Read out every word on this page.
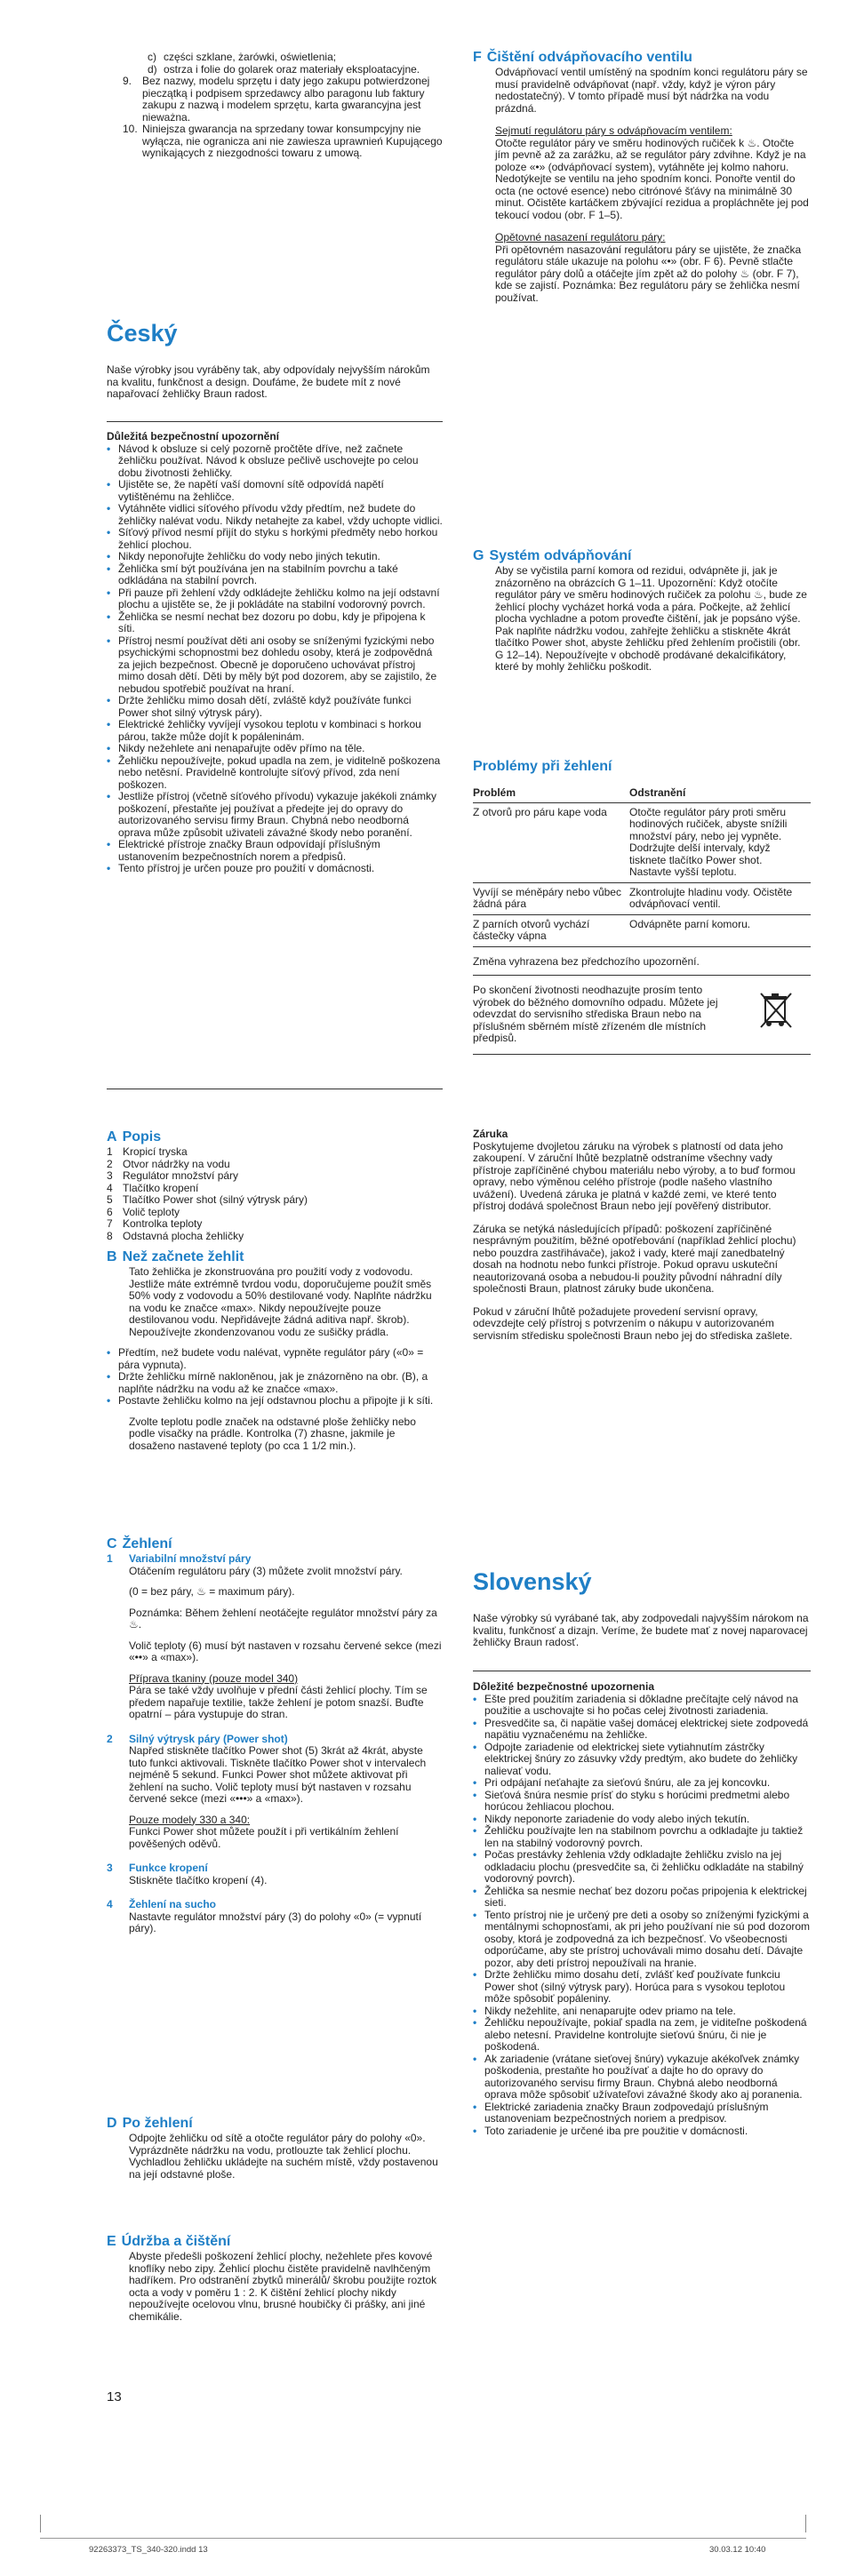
c) części szklane, żarówki, oświetlenia;
d) ostrza i folie do golarek oraz materiały eksploatacyjne.
9. Bez nazwy, modelu sprzętu i daty jego zakupu potwierdzonej pieczątką i podpisem sprzedawcy albo paragonu lub faktury zakupu z nazwą i modelem sprzętu, karta gwarancyjna jest nieważna.
10. Niniejsza gwarancja na sprzedany towar konsumpcyjny nie wyłącza, nie ogranicza ani nie zawiesza uprawnień Kupującego wynikających z niezgodności towaru z umową.
Český

Naše výrobky jsou vyráběny tak, aby odpovídaly nejvyšším nárokům na kvalitu, funkčnost a design. Doufáme, že budete mít z nové napařovací žehličky Braun radost.

Důležitá bezpečnostní upozornění

• Návod k obsluze si celý pozorně pročtěte dříve, než začnete žehličku používat. Návod k obsluze pečlivě uschovejte po celou dobu životnosti žehličky.
• Ujistěte se, že napětí vaší domovní sítě odpovídá napětí vytištěnému na žehličce.
• Vytáhněte vidlici síťového přívodu vždy předtím, než budete do žehličky nalévat vodu. Nikdy netahejte za kabel, vždy uchopte vidlici.
• Síťový přívod nesmí přijít do styku s horkými předměty nebo horkou žehlicí plochou.
• Nikdy neponořujte žehličku do vody nebo jiných tekutin.
• Žehlička smí být používána jen na stabilním povrchu a také odkládána na stabilní povrch.
• Při pauze při žehlení vždy odkládejte žehličku kolmo na její odstavní plochu a ujistěte se, že ji pokládáte na stabilní vodorovný povrch.
• Žehlička se nesmí nechat bez dozoru po dobu, kdy je připojena k síti.
• Přístroj nesmí používat děti ani osoby se sníženými fyzickými nebo psychickými schopnostmi bez dohledu osoby, která je zodpovědná za jejich bezpečnost. Obecně je doporučeno uchovávat přístroj mimo dosah dětí. Děti by měly být pod dozorem, aby se zajistilo, že nebudou spotřebič používat na hraní.
• Držte žehličku mimo dosah dětí, zvláště když používáte funkci Power shot silný výtrysk páry).
• Elektrické žehličky vyvíjejí vysokou teplotu v kombinaci s horkou párou, takže může dojít k popáleninám.
• Nikdy nežehlete ani nenapařujte oděv přímo na těle.
• Žehličku nepoužívejte, pokud upadla na zem, je viditelně poškozena nebo netěsní. Pravidelně kontrolujte síťový přívod, zda není poškozen.
• Jestliže přístroj (včetně síťového přívodu) vykazuje jakékoli známky poškození, přestaňte jej používat a předejte jej do opravy do autorizovaného servisu firmy Braun. Chybná nebo neodborná oprava může způsobit uživateli závažné škody nebo poranění.
• Elektrické přístroje značky Braun odpovídají příslušným ustanovením bezpečnostních norem a předpisů.
• Tento přístroj je určen pouze pro použití v domácnosti.
A Popis
1 Kropicí tryska
2 Otvor nádržky na vodu
3 Regulátor množství páry
4 Tlačítko kropení
5 Tlačítko Power shot (silný výtrysk páry)
6 Volič teploty
7 Kontrolka teploty
8 Odstavná plocha žehličky
B Než začnete žehlit

Tato žehlička je zkonstruována pro použití vody z vodovodu. Jestliže máte extrémně tvrdou vodu, doporučujeme použít směs 50% vody z vodovodu a 50% destilované vody. Naplňte nádržku na vodu ke značce «max». Nikdy nepoužívejte pouze destilovanou vodu. Nepřidávejte žádná aditiva např. škrob). Nepoužívejte zkondenzovanou vodu ze sušičky prádla.

• Předtím, než budete vodu nalévat, vypněte regulátor páry («0» = pára vypnuta).
• Držte žehličku mírně nakloněnou, jak je znázorněno na obr. (B), a naplňte nádržku na vodu až ke značce «max».
• Postavte žehličku kolmo na její odstavnou plochu a připojte ji k síti.

Zvolte teplotu podle značek na odstavné ploše žehličky nebo podle visačky na prádle. Kontrolka (7) zhasne, jakmile je dosaženo nastavené teploty (po cca 1 1/2 min.).

C Žehlení

1 Variabilní množství páry

Otáčením regulátoru páry (3) můžete zvolit množství páry.

(0 = bez páry, ♨ = maximum páry).

Poznámka: Během žehlení neotáčejte regulátor množství páry za ♨.

Volič teploty (6) musí být nastaven v rozsahu červené sekce (mezi «••» a «max»).

Příprava tkaniny (pouze model 340)

Pára se také vždy uvolňuje v přední části žehlicí plochy. Tím se předem napařuje textilie, takže žehlení je potom snazší. Buďte opatrní – pára vystupuje do stran.

2 Silný výtrysk páry (Power shot)

Napřed stiskněte tlačítko Power shot (5) 3krát až 4krát, abyste tuto funkci aktivovali. Tiskněte tlačítko Power shot v intervalech nejméně 5 sekund. Funkci Power shot můžete aktivovat při žehlení na sucho. Volič teploty musí být nastaven v rozsahu červené sekce (mezi «•••» a «max»).

Pouze modely 330 a 340:

Funkci Power shot můžete použít i při vertikálním žehlení pověšených oděvů.

3 Funkce kropení

Stiskněte tlačítko kropení (4).

4 Žehlení na sucho

Nastavte regulátor množství páry (3) do polohy «0» (= vypnutí páry).

D Po žehlení

Odpojte žehličku od sítě a otočte regulátor páry do polohy «0». Vyprázdněte nádržku na vodu, protlouzte tak žehlicí plochu. Vychladlou žehličku ukládejte na suchém místě, vždy postavenou na její odstavné ploše.

E Údržba a čištění

Abyste předešli poškození žehlicí plochy, nežehlete přes kovové knoflíky nebo zipy. Žehlicí plochu čistěte pravidelně navlhčeným hadříkem. Pro odstranění zbytků minerálů/ škrobu použijte roztok octa a vody v poměru 1 : 2. K čištění žehlicí plochy nikdy nepoužívejte ocelovou vlnu, brusné houbičky či prášky, ani jiné chemikálie.

13
F Čištění odvápňovacího ventilu

Odvápňovací ventil umístěný na spodním konci regulátoru páry se musí pravidelně odvápňovat (např. vždy, když je výron páry nedostatečný). V tomto případě musí být nádržka na vodu prázdná.

Sejmutí regulátoru páry s odvápňovacím ventilem:

Otočte regulátor páry ve směru hodinových ručiček k ♨. Otočte jím pevně až za zarážku, až se regulátor páry zdvihne. Když je na poloze «•» (odvápňovací system), vytáhněte jej kolmo nahoru. Nedotýkejte se ventilu na jeho spodním konci. Ponořte ventil do octa (ne octové esence) nebo citrónové šťávy na minimálně 30 minut. Očistěte kartáčkem zbývající rezidua a propláchněte jej pod tekoucí vodou (obr. F 1–5).

Opětovné nasazení regulátoru páry:

Při opětovném nasazování regulátoru páry se ujistěte, že značka regulátoru stále ukazuje na polohu «•» (obr. F 6). Pevně stlačte regulátor páry dolů a otáčejte jím zpět až do polohy ♨ (obr. F 7), kde se zajistí. Poznámka: Bez regulátoru páry se žehlička nesmí používat.

G Systém odvápňování

Aby se vyčistila parní komora od rezidui, odvápněte ji, jak je znázorněno na obrázcích G 1–11. Upozornění: Když otočíte regulátor páry ve směru hodinových ručiček za polohu ♨, bude ze žehlicí plochy vycházet horká voda a pára. Počkejte, až žehlicí plocha vychladne a potom proveďte čištění, jak je popsáno výše. Pak naplňte nádržku vodou, zahřejte žehličku a stiskněte 4krát tlačítko Power shot, abyste žehličku před žehlením pročistili (obr. G 12–14). Nepoužívejte v obchodě prodávané dekalcifikátory, které by mohly žehličku poškodit.

Problémy při žehlení
Problém	Odstranění
Z otvorů pro páru kape voda	Otočte regulátor páry proti směru hodinových ručiček, abyste snížili množství páry, nebo jej vypněte. Dodržujte delší intervaly, když tisknete tlačítko Power shot. Nastavte vyšší teplotu.
Vyvíjí se méněpáry nebo vůbec žádná pára	Zkontrolujte hladinu vody. Očistěte odvápňovací ventil.
Z parních otvorů vychází částečky vápna	Odvápněte parní komoru.

Změna vyhrazena bez předchozího upozornění.

Po skončení životnosti neodhazujte prosím tento výrobek do běžného domovního odpadu. Můžete jej odevzdat do servisního střediska Braun nebo na příslušném sběrném místě zřízeném dle místních předpisů.

Záruka

Poskytujeme dvojletou záruku na výrobek s platností od data jeho zakoupení. V záruční lhůtě bezplatně odstraníme všechny vady přístroje zapříčiněné chybou materiálu nebo výroby, a to buď formou opravy, nebo výměnou celého přístroje (podle našeho vlastního uvážení). Uvedená záruka je platná v každé zemi, ve které tento přístroj dodává společnost Braun nebo její pověřený distributor.

Záruka se netýká následujících případů: poškození zapříčiněné nesprávným použitím, běžné opotřebování (například žehlicí plochu) nebo pouzdra zastřihávače), jakož i vady, které mají zanedbatelný dosah na hodnotu nebo funkci přístroje. Pokud opravu uskuteční neautorizovaná osoba a nebudou-li použity původní náhradní díly společnosti Braun, platnost záruky bude ukončena.

Pokud v záruční lhůtě požadujete provedení servisní opravy, odevzdejte celý přístroj s potvrzením o nákupu v autorizovaném servisním středisku společnosti Braun nebo jej do střediska zašlete.

Slovenský

Naše výrobky sú vyrábané tak, aby zodpovedali najvyšším nárokom na kvalitu, funkčnosť a dizajn. Veríme, že budete mať z novej naparovacej žehličky Braun radosť.

Dôležité bezpečnostné upozornenia

• Ešte pred použitím zariadenia si dôkladne prečítajte celý návod na použitie a uschovajte si ho počas celej životnosti zariadenia.
• Presvedčite sa, či napätie vašej domácej elektrickej siete zodpovedá napätiu vyznačenému na žehličke.
• Odpojte zariadenie od elektrickej siete vytiahnutím zástrčky elektrickej šnúry zo zásuvky vždy predtým, ako budete do žehličky nalievať vodu.
• Pri odpájaní neťahajte za sieťovú šnúru, ale za jej koncovku.
• Sieťová šnúra nesmie prísť do styku s horúcimi predmetmi alebo horúcou žehliacou plochou.
• Nikdy neponorte zariadenie do vody alebo iných tekutín.
• Žehličku používajte len na stabilnom povrchu a odkladajte ju taktiež len na stabilný vodorovný povrch.
• Počas prestávky žehlenia vždy odkladajte žehličku zvislo na jej odkladaciu plochu (presvedčite sa, či žehličku odkladáte na stabilný vodorovný povrch).
• Žehlička sa nesmie nechať bez dozoru počas pripojenia k elektrickej sieti.
• Tento prístroj nie je určený pre deti a osoby so zníženými fyzickými a mentálnymi schopnosťami, ak pri jeho používaní nie sú pod dozorom osoby, ktorá je zodpovedná za ich bezpečnosť. Vo všeobecnosti odporúčame, aby ste prístroj uchovávali mimo dosahu detí. Dávajte pozor, aby deti prístroj nepoužívali na hranie.
• Držte žehličku mimo dosahu detí, zvlášť keď používate funkciu Power shot (silný výtrysk pary). Horúca para s vysokou teplotou môže spôsobiť popáleniny.
• Nikdy nežehlite, ani nenaparujte odev priamo na tele.
• Žehličku nepoužívajte, pokiaľ spadla na zem, je viditeľne poškodená alebo netesní. Pravidelne kontrolujte sieťovú šnúru, či nie je poškodená.
• Ak zariadenie (vrátane sieťovej šnúry) vykazuje akékoľvek známky poškodenia, prestaňte ho používať a dajte ho do opravy do autorizovaného servisu firmy Braun. Chybná alebo neodborná oprava môže spôsobiť užívateľovi závažné škody ako aj poranenia.
• Elektrické zariadenia značky Braun zodpovedajú príslušným ustanoveniam bezpečnostných noriem a predpisov.
• Toto zariadenie je určené iba pre použitie v domácnosti.
92263373_TS_340-320.indd 13	30.03.12 10:40
